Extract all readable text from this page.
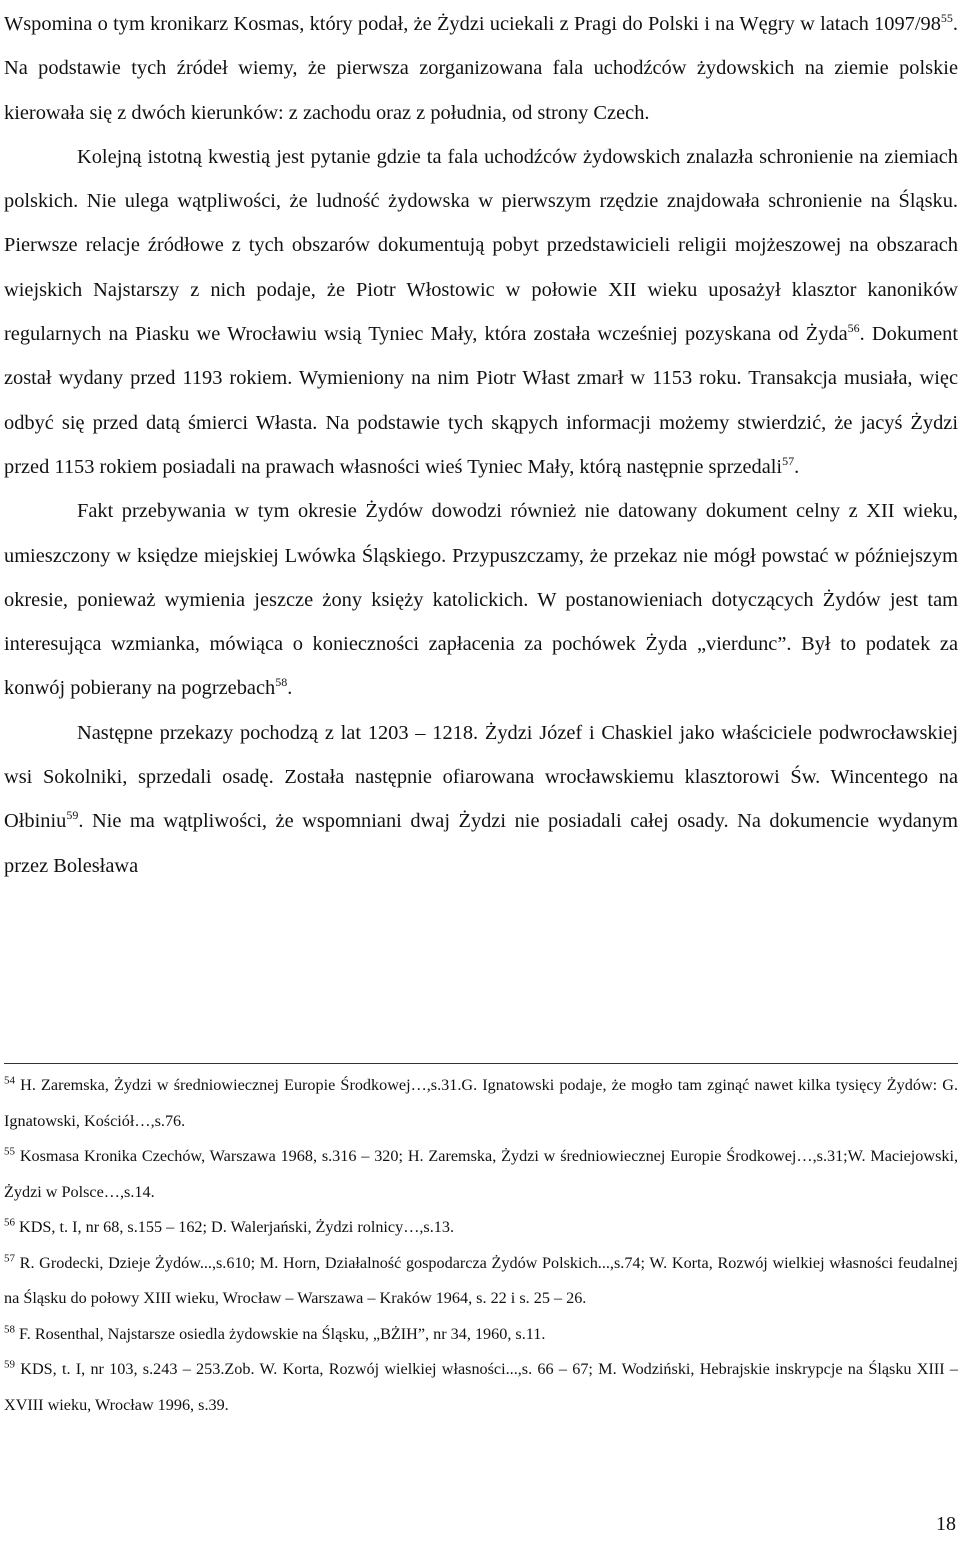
Wspomina o tym kronikarz Kosmas, który podał, że Żydzi uciekali z Pragi do Polski i na Węgry w latach 1097/98$^{55}$. Na podstawie tych źródeł wiemy, że pierwsza zorganizowana fala uchodźców żydowskich na ziemie polskie kierowała się z dwóch kierunków: z zachodu oraz z południa, od strony Czech.

Kolejną istotną kwestią jest pytanie gdzie ta fala uchodźców żydowskich znalazła schronienie na ziemiach polskich. Nie ulega wątpliwości, że ludność żydowska w pierwszym rzędzie znajdowała schronienie na Śląsku. Pierwsze relacje źródłowe z tych obszarów dokumentują pobyt przedstawicieli religii mojżeszowej na obszarach wiejskich Najstarszy z nich podaje, że Piotr Włostowic w połowie XII wieku uposażył klasztor kanoników regularnych na Piasku we Wrocławiu wsią Tyniec Mały, która została wcześniej pozyskana od Żyda$^{56}$. Dokument został wydany przed 1193 rokiem. Wymieniony na nim Piotr Włast zmarł w 1153 roku. Transakcja musiała, więc odbyć się przed datą śmierci Własta. Na podstawie tych skąpych informacji możemy stwierdzić, że jacyś Żydzi przed 1153 rokiem posiadali na prawach własności wieś Tyniec Mały, którą następnie sprzedali$^{57}$.

Fakt przebywania w tym okresie Żydów dowodzi również nie datowany dokument celny z XII wieku, umieszczony w księdze miejskiej Lwówka Śląskiego. Przypuszczamy, że przekaz nie mógł powstać w późniejszym okresie, ponieważ wymienia jeszcze żony księży katolickich. W postanowieniach dotyczących Żydów jest tam interesująca wzmianka, mówiąca o konieczności zapłacenia za pochówek Żyda „vierdunc”. Był to podatek za konwój pobierany na pogrzebach$^{58}$.

Następne przekazy pochodzą z lat 1203 – 1218. Żydzi Józef i Chaskiel jako właściciele podwrocławskiej wsi Sokolniki, sprzedali osadę. Została następnie ofiarowana wrocławskiemu klasztorowi Św. Wincentego na Ołbiniu$^{59}$. Nie ma wątpliwości, że wspomniani dwaj Żydzi nie posiadali całej osady. Na dokumencie wydanym przez Bolesława

$^{54}$ H. Zaremska, Żydzi w średniowiecznej Europie Środkowej…,s.31.G. Ignatowski podaje, że mogło tam zginąć nawet kilka tysięcy Żydów: G. Ignatowski, Kościół…,s.76.

$^{55}$ Kosmasa Kronika Czechów, Warszawa 1968, s.316 – 320; H. Zaremska, Żydzi w średniowiecznej Europie Środkowej…,s.31;W. Maciejowski, Żydzi w Polsce…,s.14.

$^{56}$ KDS, t. I, nr 68, s.155 – 162; D. Walerjański, Żydzi rolnicy…,s.13.

$^{57}$ R. Grodecki, Dzieje Żydów...,s.610; M. Horn, Działalność gospodarcza Żydów Polskich...,s.74; W. Korta, Rozwój wielkiej własności feudalnej na Śląsku do połowy XIII wieku, Wrocław – Warszawa – Kraków 1964, s. 22 i s. 25 – 26.

$^{58}$ F. Rosenthal, Najstarsze osiedla żydowskie na Śląsku, „BŻIH”, nr 34, 1960, s.11.

$^{59}$ KDS, t. I, nr 103, s.243 – 253.Zob. W. Korta, Rozwój wielkiej własności...,s. 66 – 67; M. Wodziński, Hebrajskie inskrypcje na Śląsku XIII – XVIII wieku, Wrocław 1996, s.39.

18
